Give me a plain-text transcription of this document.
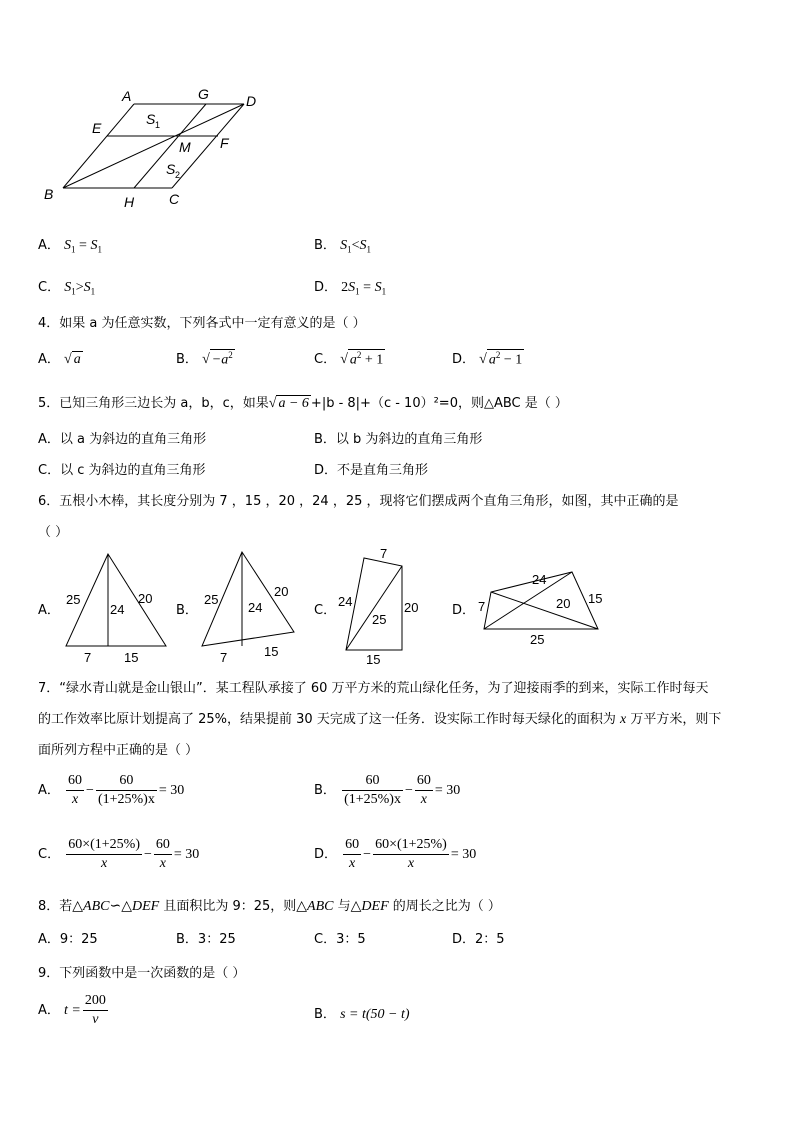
A	G	D
E
S 1
M F
S 2
B	H C
A． $S_1 = S_1$	B． $S_1<S_1$
C． $S_1>S_1$	D． $2S_1 = S_1$
4．如果 a 为任意实数，下列各式中一定有意义的是（ ）
A． √ a	B． √ $-a^2$	C． √ $a^2 + 1$	D． √ $a^2 - 1$
5．已知三角形三边长为 a，b，c，如果√ a − 6 +|b - 8|+（c - 10）²=0，则△ABC 是（ ）
A．以 a 为斜边的直角三角形	B．以 b 为斜边的直角三角形
C．以 c 为斜边的直角三角形	D．不是直角三角形
6．五根小木棒，其长度分别为 7 ，15 ，20 ，24 ，25 ，现将它们摆成两个直角三角形，如图，其中正确的是
（ ）
A．
25
24
20
7	15
B．
25
24
20
7	15
C．
7
24
25
20
15
D． 7
24
20 15
25
7．“绿水青山就是金山银山”．某工程队承接了 60 万平方米的荒山绿化任务，为了迎接雨季的到来，实际工作时每天
的工作效率比原计划提高了 25%，结果提前 30 天完成了这一任务．设实际工作时每天绿化的面积为 x 万平方米，则下
面所列方程中正确的是（ ）
A． $\frac{60}{x} - \frac{60}{(1+25\%)x} = 30$	B． $\frac{60}{(1+25\%)x} - \frac{60}{x} = 30$
C． $\frac{60\times(1+25\%)}{x} - \frac{60}{x} = 30$	D． $\frac{60}{x} - \frac{60\times(1+25\%)}{x} = 30$
8．若△ABC∽△DEF 且面积比为 9：25，则△ABC 与△DEF 的周长之比为（ ）
A．9：25	B．3：25	C．3：5	D．2：5
9．下列函数中是一次函数的是（ ）
A． $t = \frac{200}{v}$	B． s = t(50 − t)
